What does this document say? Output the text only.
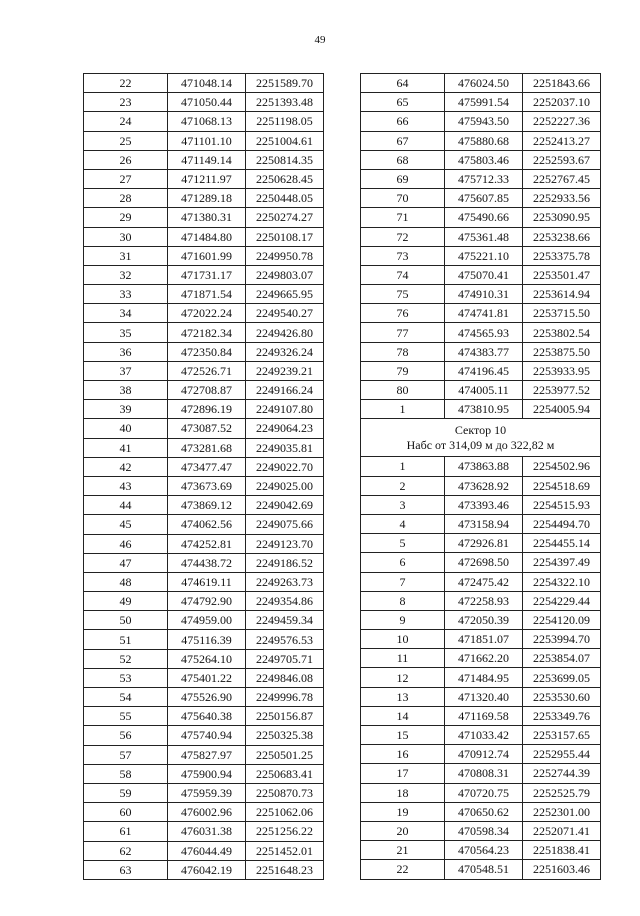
49
22	471048.14	2251589.70
23	471050.44	2251393.48
24	471068.13	2251198.05
25	471101.10	2251004.61
26	471149.14	2250814.35
27	471211.97	2250628.45
28	471289.18	2250448.05
29	471380.31	2250274.27
30	471484.80	2250108.17
31	471601.99	2249950.78
32	471731.17	2249803.07
33	471871.54	2249665.95
34	472022.24	2249540.27
35	472182.34	2249426.80
36	472350.84	2249326.24
37	472526.71	2249239.21
38	472708.87	2249166.24
39	472896.19	2249107.80
40	473087.52	2249064.23
41	473281.68	2249035.81
42	473477.47	2249022.70
43	473673.69	2249025.00
44	473869.12	2249042.69
45	474062.56	2249075.66
46	474252.81	2249123.70
47	474438.72	2249186.52
48	474619.11	2249263.73
49	474792.90	2249354.86
50	474959.00	2249459.34
51	475116.39	2249576.53
52	475264.10	2249705.71
53	475401.22	2249846.08
54	475526.90	2249996.78
55	475640.38	2250156.87
56	475740.94	2250325.38
57	475827.97	2250501.25
58	475900.94	2250683.41
59	475959.39	2250870.73
60	476002.96	2251062.06
61	476031.38	2251256.22
62	476044.49	2251452.01
63	476042.19	2251648.23
64	476024.50	2251843.66
65	475991.54	2252037.10
66	475943.50	2252227.36
67	475880.68	2252413.27
68	475803.46	2252593.67
69	475712.33	2252767.45
70	475607.85	2252933.56
71	475490.66	2253090.95
72	475361.48	2253238.66
73	475221.10	2253375.78
74	475070.41	2253501.47
75	474910.31	2253614.94
76	474741.81	2253715.50
77	474565.93	2253802.54
78	474383.77	2253875.50
79	474196.45	2253933.95
80	474005.11	2253977.52
1	473810.95	2254005.94

Сектор 10
Набс от 314,09 м до 322,82 м		

1	473863.88	2254502.96
2	473628.92	2254518.69
3	473393.46	2254515.93
4	473158.94	2254494.70
5	472926.81	2254455.14
6	472698.50	2254397.49
7	472475.42	2254322.10
8	472258.93	2254229.44
9	472050.39	2254120.09
10	471851.07	2253994.70
11	471662.20	2253854.07
12	471484.95	2253699.05
13	471320.40	2253530.60
14	471169.58	2253349.76
15	471033.42	2253157.65
16	470912.74	2252955.44
17	470808.31	2252744.39
18	470720.75	2252525.79
19	470650.62	2252301.00
20	470598.34	2252071.41
21	470564.23	2251838.41
22	470548.51	2251603.46
